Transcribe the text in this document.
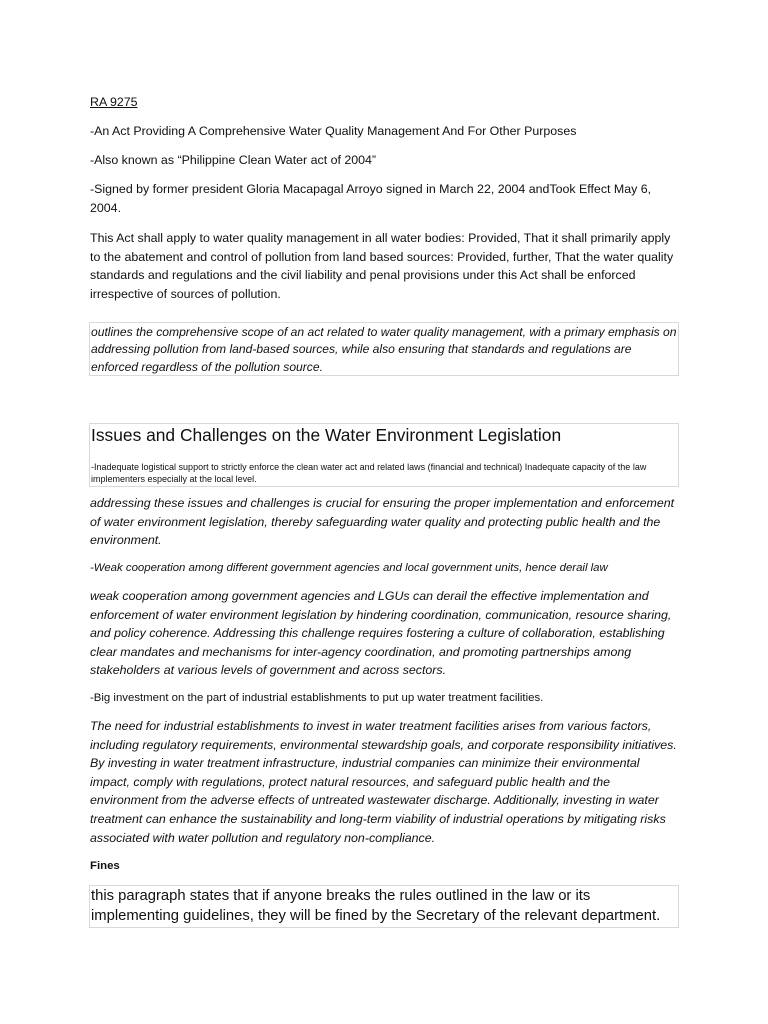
RA 9275

-An Act Providing A Comprehensive Water Quality Management And For Other Purposes

-Also known as “Philippine Clean Water act of 2004”

-Signed by former president Gloria Macapagal Arroyo signed in March 22, 2004 andTook Effect May 6, 2004.

This Act shall apply to water quality management in all water bodies: Provided, That it shall primarily apply to the abatement and control of pollution from land based sources: Provided, further, That the water quality standards and regulations and the civil liability and penal provisions under this Act shall be enforced irrespective of sources of pollution.

outlines the comprehensive scope of an act related to water quality management, with a primary emphasis on addressing pollution from land-based sources, while also ensuring that standards and regulations are enforced regardless of the pollution source.
Issues and Challenges on the Water Environment Legislation
-Inadequate logistical support to strictly enforce the clean water act and related laws (financial and technical) Inadequate capacity of the law implementers especially at the local level.

addressing these issues and challenges is crucial for ensuring the proper implementation and enforcement of water environment legislation, thereby safeguarding water quality and protecting public health and the environment.

-Weak cooperation among different government agencies and local government units, hence derail law

weak cooperation among government agencies and LGUs can derail the effective implementation and enforcement of water environment legislation by hindering coordination, communication, resource sharing, and policy coherence. Addressing this challenge requires fostering a culture of collaboration, establishing clear mandates and mechanisms for inter-agency coordination, and promoting partnerships among stakeholders at various levels of government and across sectors.

-Big investment on the part of industrial establishments to put up water treatment facilities.

The need for industrial establishments to invest in water treatment facilities arises from various factors, including regulatory requirements, environmental stewardship goals, and corporate responsibility initiatives. By investing in water treatment infrastructure, industrial companies can minimize their environmental impact, comply with regulations, protect natural resources, and safeguard public health and the environment from the adverse effects of untreated wastewater discharge. Additionally, investing in water treatment can enhance the sustainability and long-term viability of industrial operations by mitigating risks associated with water pollution and regulatory non-compliance.

Fines

this paragraph states that if anyone breaks the rules outlined in the law or its implementing guidelines, they will be fined by the Secretary of the relevant department.
